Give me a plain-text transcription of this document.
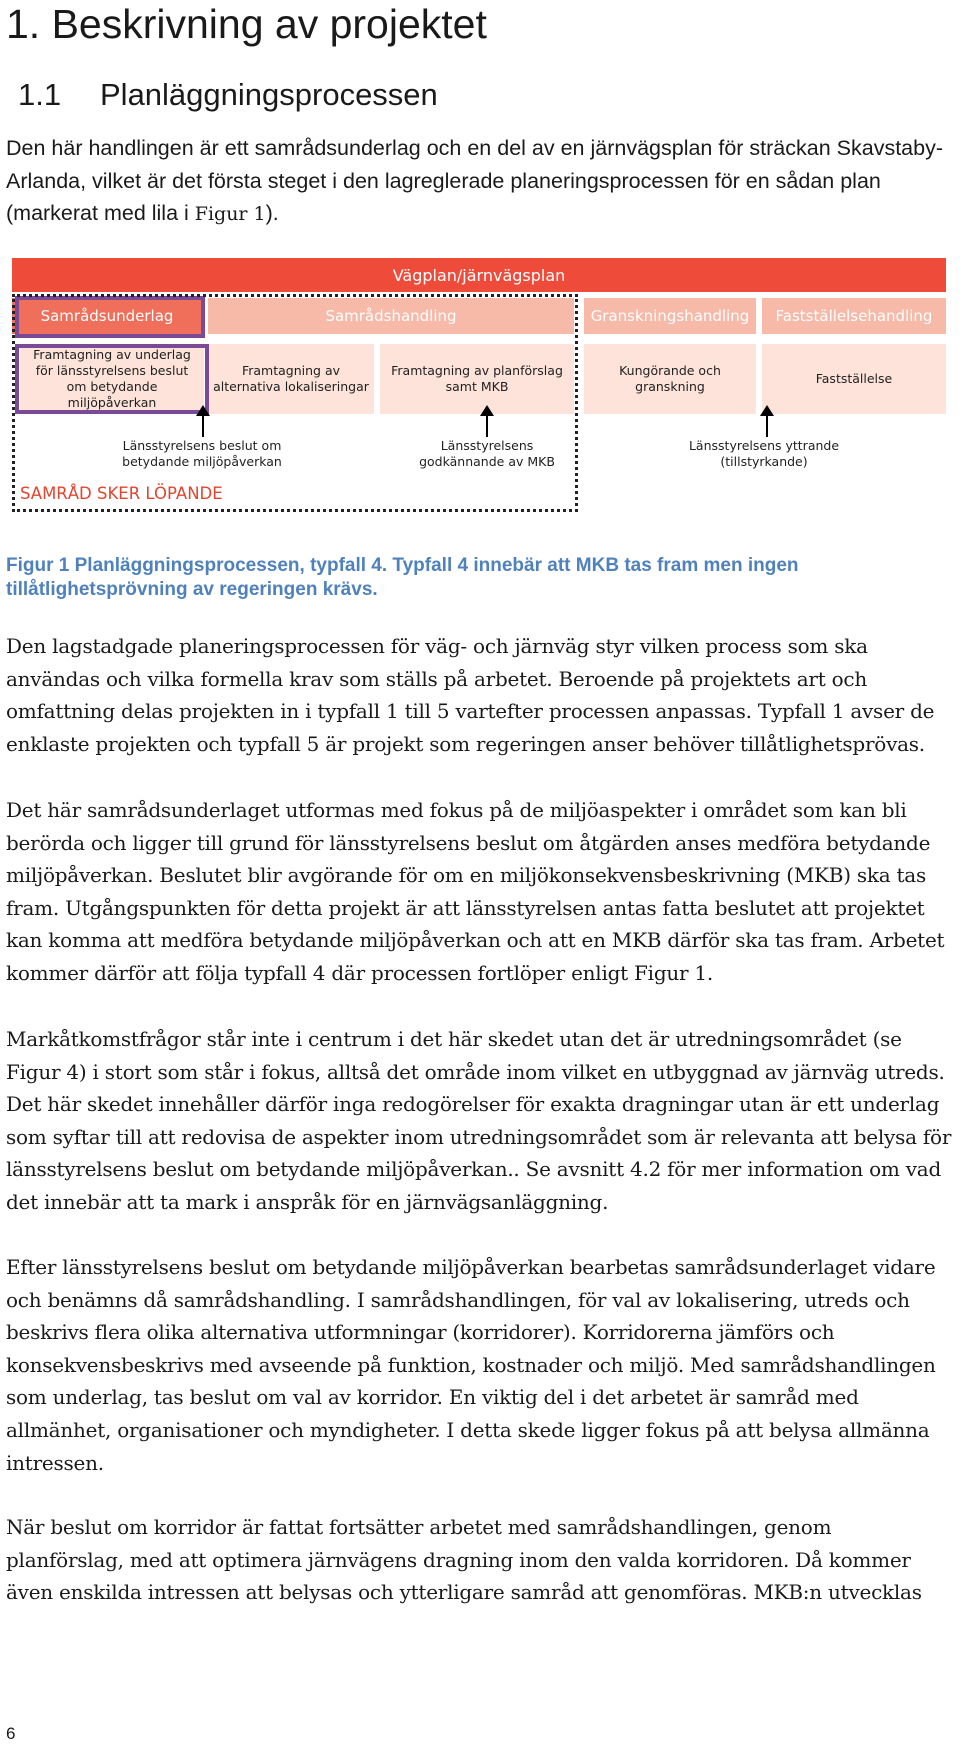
1. Beskrivning av projektet
1.1 Planläggningsprocessen

Den här handlingen är ett samrådsunderlag och en del av en järnvägsplan för sträckan Skavstaby-Arlanda, vilket är det första steget i den lagreglerade planeringsprocessen för en sådan plan (markerat med lila i Figur 1).

Vägplan/järnvägsplan
Samrådsunderlag	Samrådshandling	Granskningshandling	Fastställelsehandling
Framtagning av underlag för länsstyrelsens beslut om betydande miljöpåverkan
Framtagning av alternativa lokaliseringar
Framtagning av planförslag samt MKB
Kungörande och granskning
Fastställelse
Länsstyrelsens beslut om betydande miljöpåverkan
Länsstyrelsens godkännande av MKB
Länsstyrelsens yttrande (tillstyrkande)
SAMRÅD SKER LÖPANDE

Figur 1 Planläggningsprocessen, typfall 4. Typfall 4 innebär att MKB tas fram men ingen tillåtlighetsprövning av regeringen krävs.

Den lagstadgade planeringsprocessen för väg- och järnväg styr vilken process som ska användas och vilka formella krav som ställs på arbetet. Beroende på projektets art och omfattning delas projekten in i typfall 1 till 5 vartefter processen anpassas. Typfall 1 avser de enklaste projekten och typfall 5 är projekt som regeringen anser behöver tillåtlighetsprövas.

Det här samrådsunderlaget utformas med fokus på de miljöaspekter i området som kan bli berörda och ligger till grund för länsstyrelsens beslut om åtgärden anses medföra betydande miljöpåverkan. Beslutet blir avgörande för om en miljökonsekvensbeskrivning (MKB) ska tas fram. Utgångspunkten för detta projekt är att länsstyrelsen antas fatta beslutet att projektet kan komma att medföra betydande miljöpåverkan och att en MKB därför ska tas fram. Arbetet kommer därför att följa typfall 4 där processen fortlöper enligt Figur 1.

Markåtkomstfrågor står inte i centrum i det här skedet utan det är utredningsområdet (se Figur 4) i stort som står i fokus, alltså det område inom vilket en utbyggnad av järnväg utreds. Det här skedet innehåller därför inga redogörelser för exakta dragningar utan är ett underlag som syftar till att redovisa de aspekter inom utredningsområdet som är relevanta att belysa för länsstyrelsens beslut om betydande miljöpåverkan.. Se avsnitt 4.2 för mer information om vad det innebär att ta mark i anspråk för en järnvägsanläggning.

Efter länsstyrelsens beslut om betydande miljöpåverkan bearbetas samrådsunderlaget vidare och benämns då samrådshandling. I samrådshandlingen, för val av lokalisering, utreds och beskrivs flera olika alternativa utformningar (korridorer). Korridorerna jämförs och konsekvensbeskrivs med avseende på funktion, kostnader och miljö. Med samrådshandlingen som underlag, tas beslut om val av korridor. En viktig del i det arbetet är samråd med allmänhet, organisationer och myndigheter. I detta skede ligger fokus på att belysa allmänna intressen.

När beslut om korridor är fattat fortsätter arbetet med samrådshandlingen, genom planförslag, med att optimera järnvägens dragning inom den valda korridoren. Då kommer även enskilda intressen att belysas och ytterligare samråd att genomföras. MKB:n utvecklas

6
